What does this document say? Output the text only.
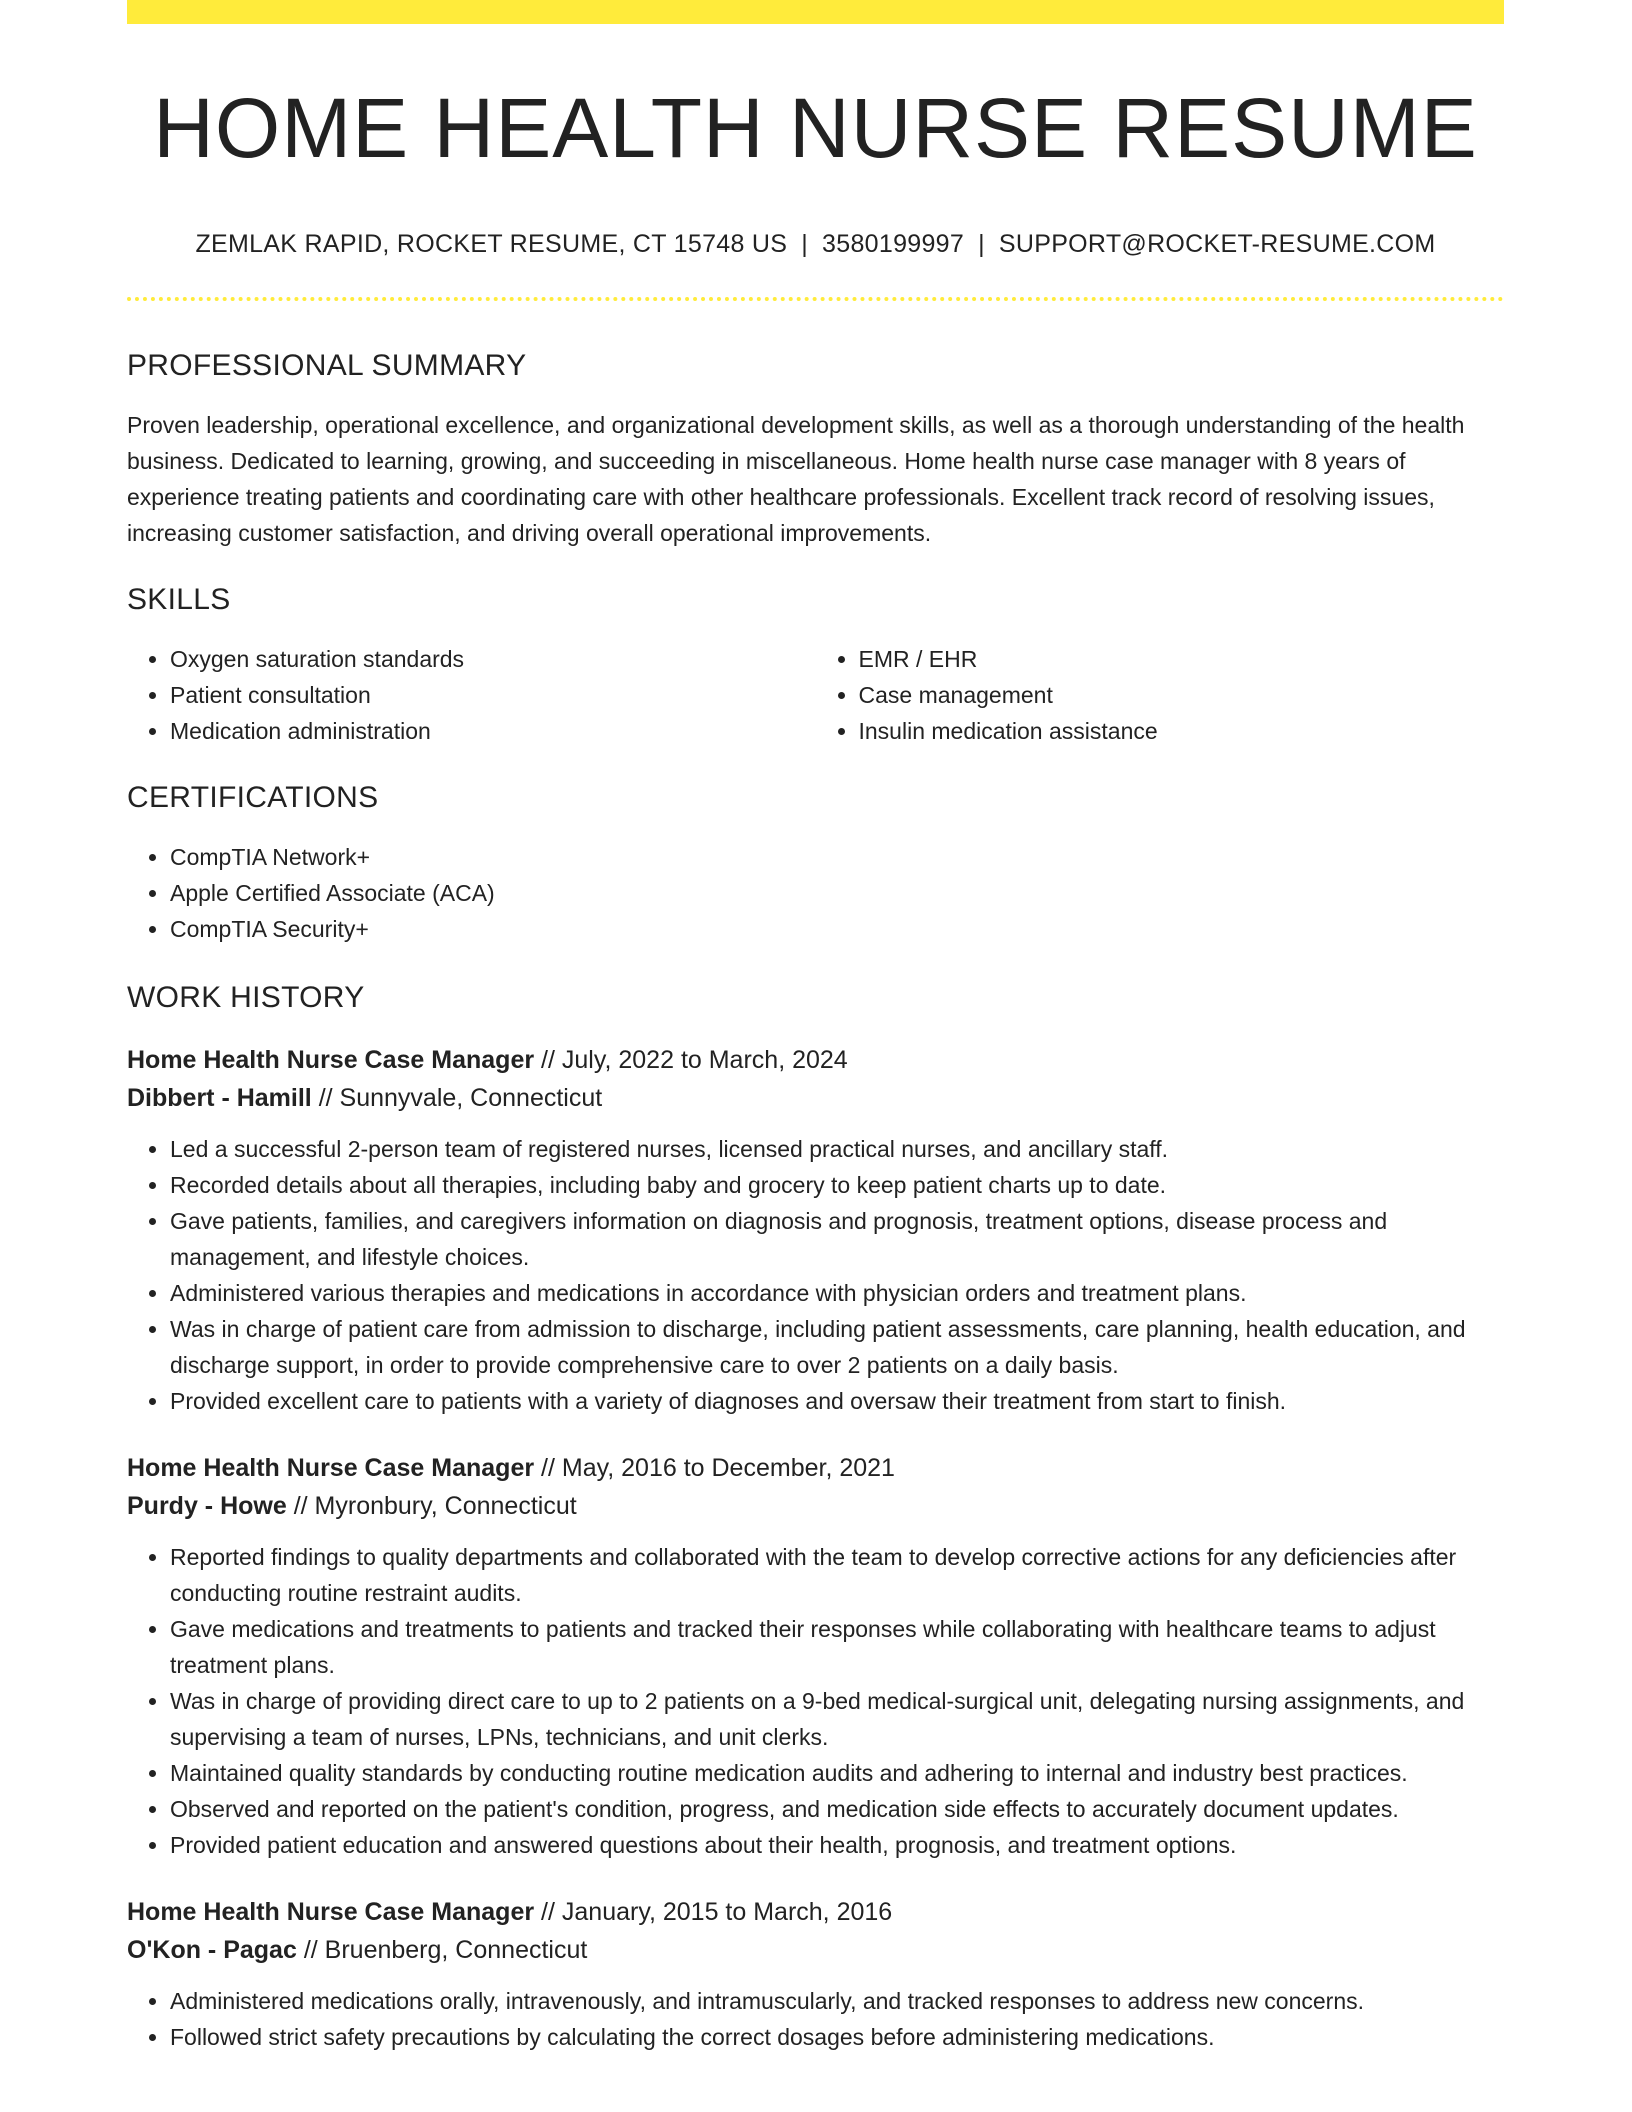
HOME HEALTH NURSE RESUME
ZEMLAK RAPID, ROCKET RESUME, CT 15748 US | 3580199997 | SUPPORT@ROCKET-RESUME.COM
PROFESSIONAL SUMMARY
Proven leadership, operational excellence, and organizational development skills, as well as a thorough understanding of the health business. Dedicated to learning, growing, and succeeding in miscellaneous. Home health nurse case manager with 8 years of experience treating patients and coordinating care with other healthcare professionals. Excellent track record of resolving issues, increasing customer satisfaction, and driving overall operational improvements.
SKILLS
• Oxygen saturation standards
• Patient consultation
• Medication administration
• EMR / EHR
• Case management
• Insulin medication assistance
CERTIFICATIONS
• CompTIA Network+
• Apple Certified Associate (ACA)
• CompTIA Security+
WORK HISTORY
Home Health Nurse Case Manager // July, 2022 to March, 2024
Dibbert - Hamill // Sunnyvale, Connecticut
• Led a successful 2-person team of registered nurses, licensed practical nurses, and ancillary staff.
• Recorded details about all therapies, including baby and grocery to keep patient charts up to date.
• Gave patients, families, and caregivers information on diagnosis and prognosis, treatment options, disease process and management, and lifestyle choices.
• Administered various therapies and medications in accordance with physician orders and treatment plans.
• Was in charge of patient care from admission to discharge, including patient assessments, care planning, health education, and discharge support, in order to provide comprehensive care to over 2 patients on a daily basis.
• Provided excellent care to patients with a variety of diagnoses and oversaw their treatment from start to finish.
Home Health Nurse Case Manager // May, 2016 to December, 2021
Purdy - Howe // Myronbury, Connecticut
• Reported findings to quality departments and collaborated with the team to develop corrective actions for any deficiencies after conducting routine restraint audits.
• Gave medications and treatments to patients and tracked their responses while collaborating with healthcare teams to adjust treatment plans.
• Was in charge of providing direct care to up to 2 patients on a 9-bed medical-surgical unit, delegating nursing assignments, and supervising a team of nurses, LPNs, technicians, and unit clerks.
• Maintained quality standards by conducting routine medication audits and adhering to internal and industry best practices.
• Observed and reported on the patient's condition, progress, and medication side effects to accurately document updates.
• Provided patient education and answered questions about their health, prognosis, and treatment options.
Home Health Nurse Case Manager // January, 2015 to March, 2016
O'Kon - Pagac // Bruenberg, Connecticut
• Administered medications orally, intravenously, and intramuscularly, and tracked responses to address new concerns.
• Followed strict safety precautions by calculating the correct dosages before administering medications.
